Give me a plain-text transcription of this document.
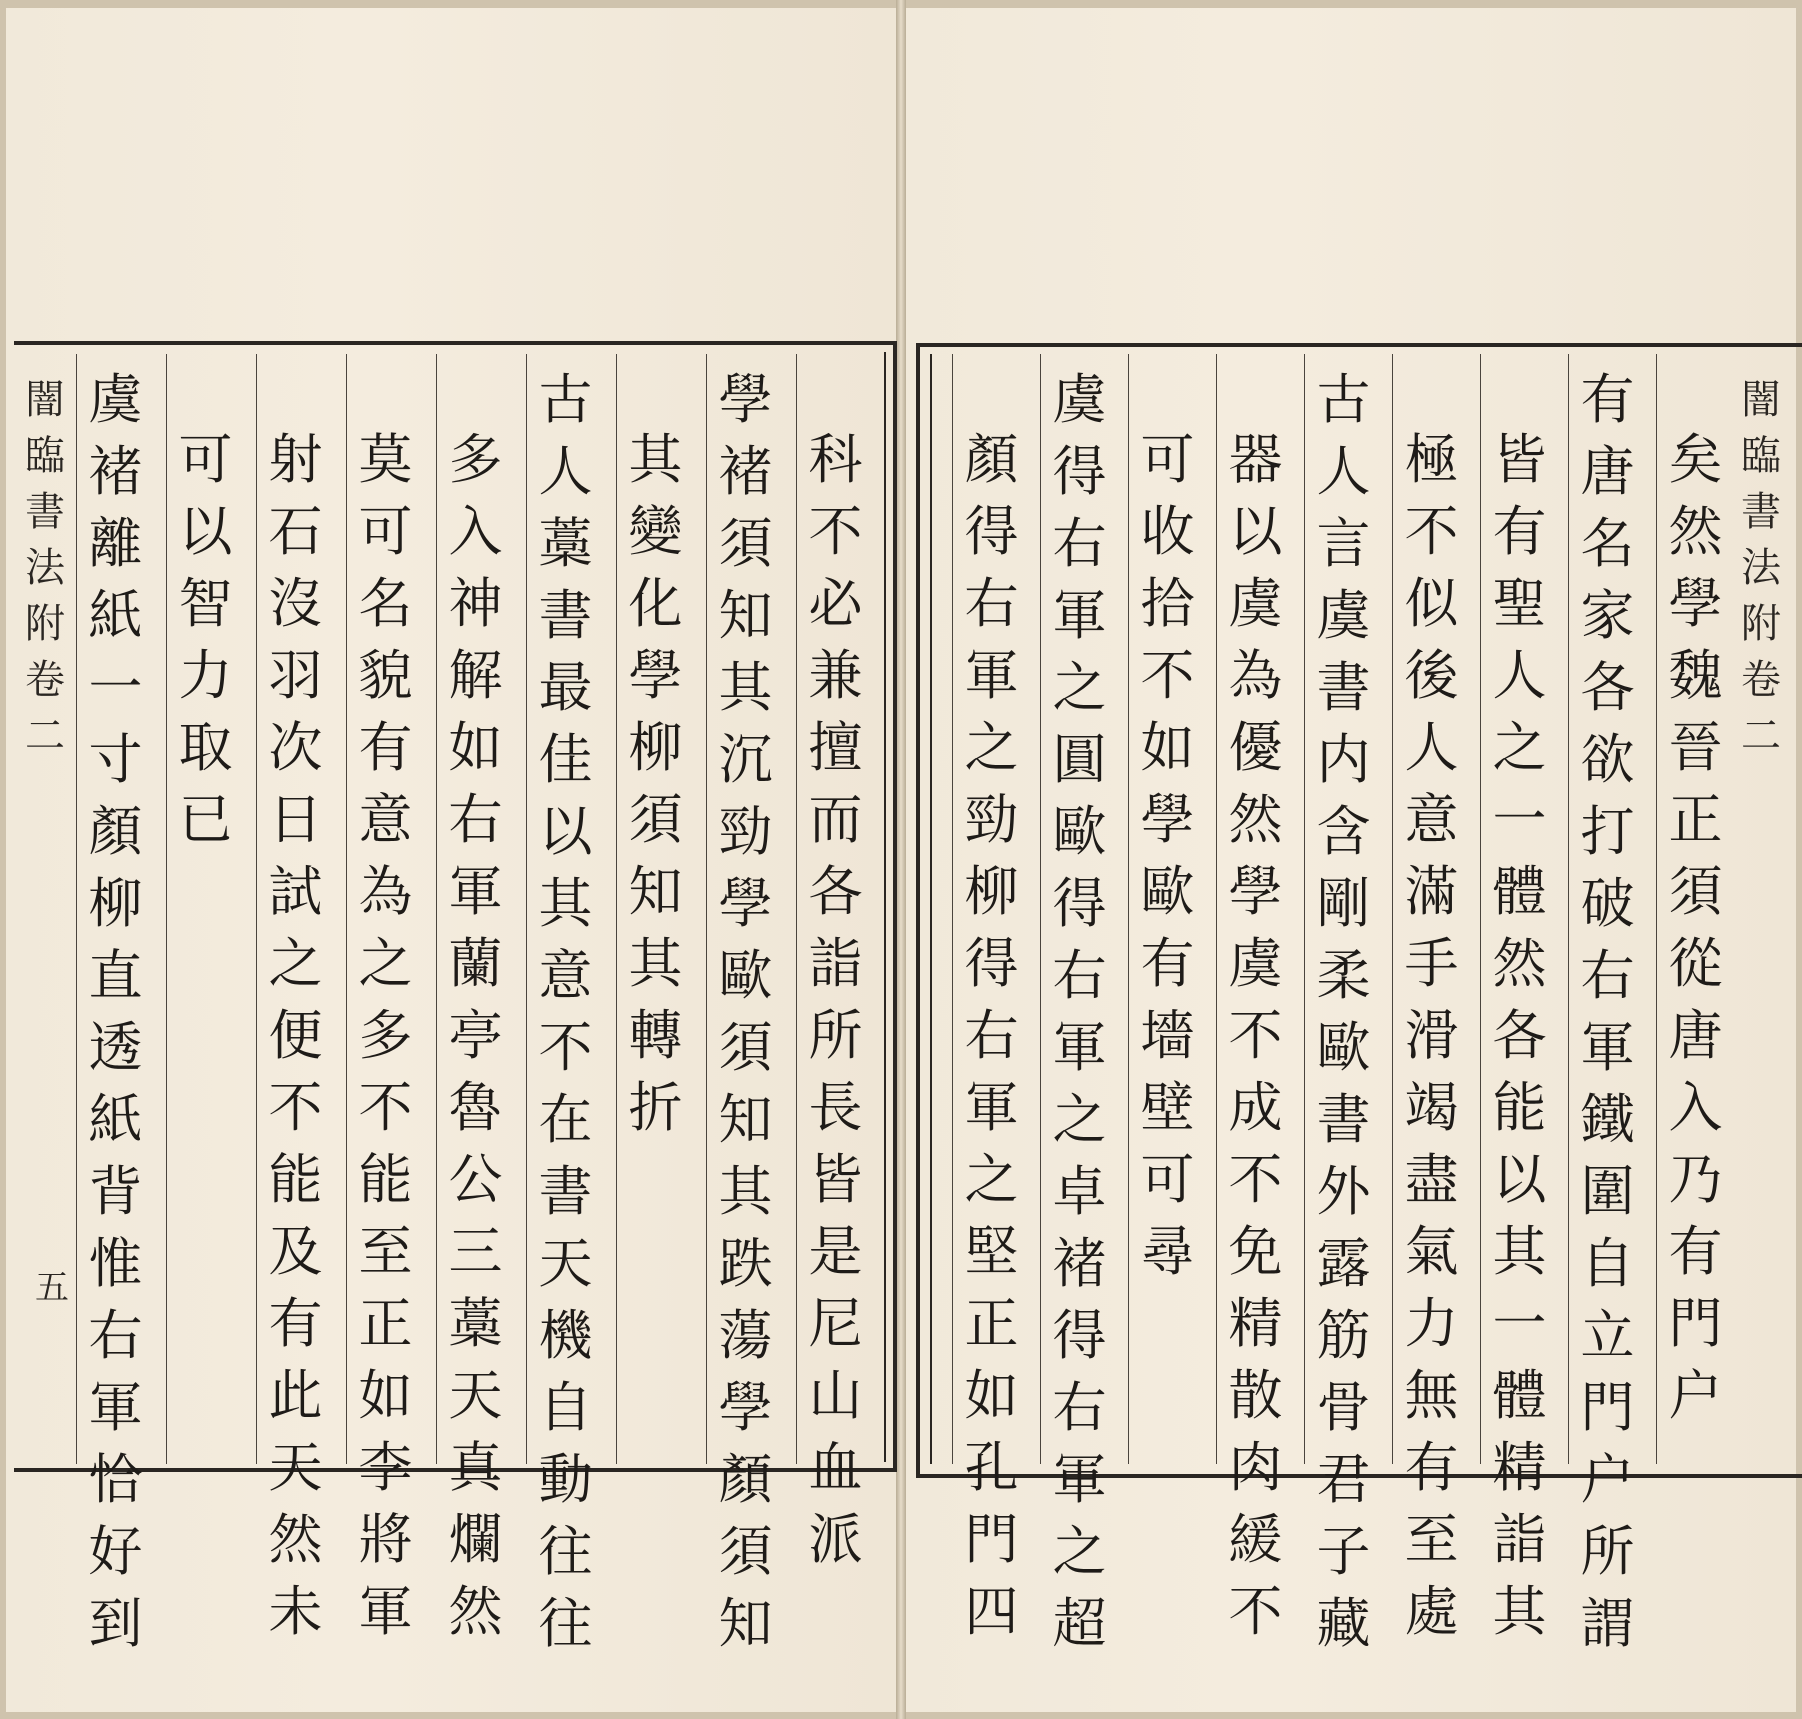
闇臨書法附卷二
五
科不必兼擅而各詣所長皆是尼山血派
學褚須知其沉勁學歐須知其跌蕩學顏須知
其變化學柳須知其轉折
古人藁書最佳以其意不在書天機自動往往
多入神解如右軍蘭亭魯公三藁天真爛然
莫可名貌有意為之多不能至正如李將軍
射石沒羽次日試之便不能及有此天然未
可以智力取已
虞褚離紙一寸顏柳直透紙背惟右軍恰好到
闇臨書法附卷二
矣然學魏晉正須從唐入乃有門户
有唐名家各欲打破右軍鐵圍自立門户所謂
皆有聖人之一體然各能以其一體精詣其
極不似後人意滿手滑竭盡氣力無有至處
古人言虞書内含剛柔歐書外露筋骨君子藏
器以虞為優然學虞不成不免精散肉緩不
可收拾不如學歐有墻壁可尋
虞得右軍之圓歐得右軍之卓褚得右軍之超
顏得右軍之勁柳得右軍之堅正如孔門四
